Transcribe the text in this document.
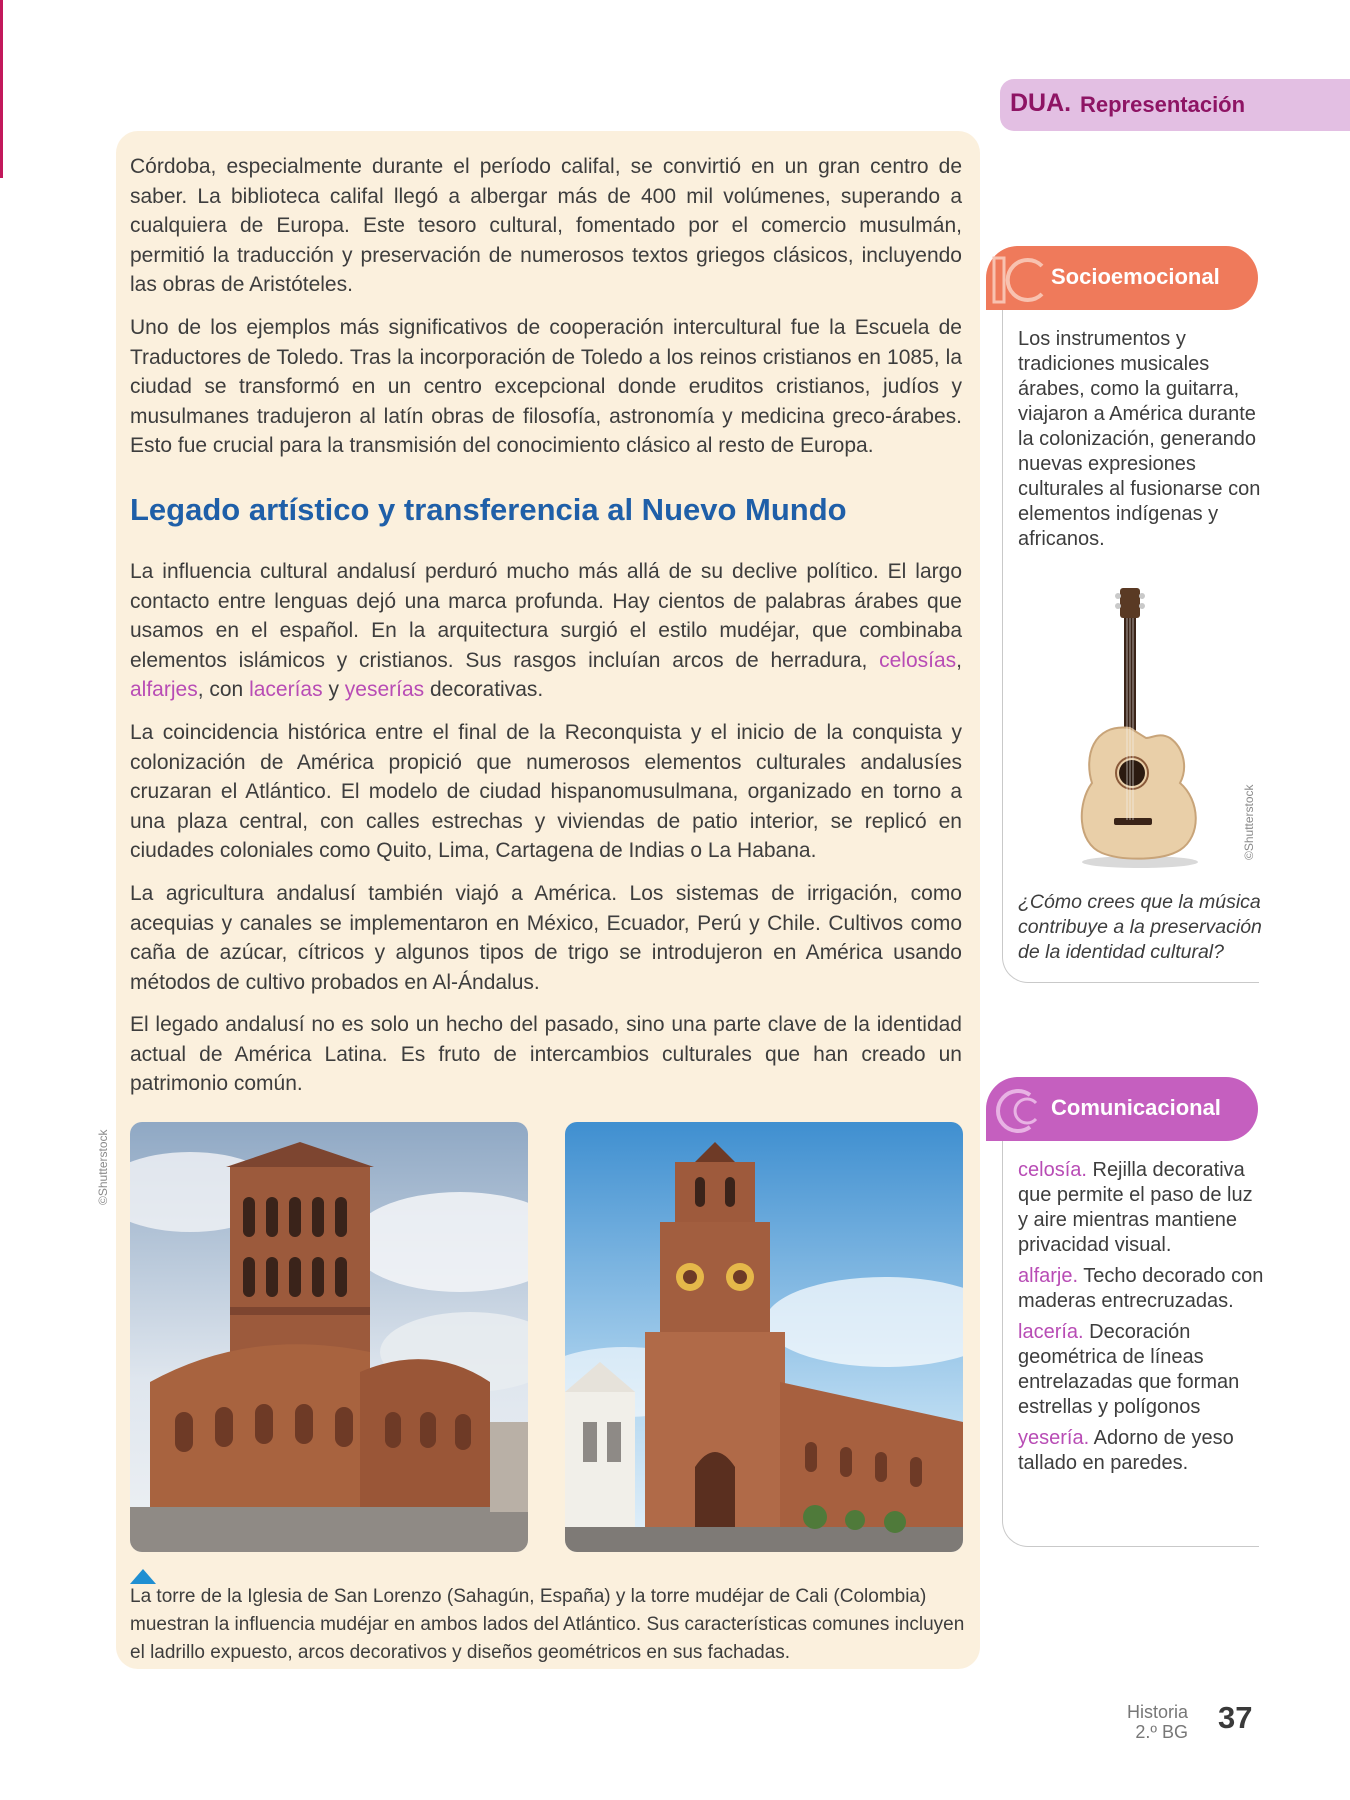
DUA. Representación

Córdoba, especialmente durante el período califal, se convirtió en un gran centro de saber. La biblioteca califal llegó a albergar más de 400 mil volúmenes, superando a cualquiera de Europa. Este tesoro cultural, fomentado por el comercio musulmán, permitió la traducción y preservación de numerosos textos griegos clásicos, incluyendo las obras de Aristóteles.

Uno de los ejemplos más significativos de cooperación intercultural fue la Escuela de Traductores de Toledo. Tras la incorporación de Toledo a los reinos cristianos en 1085, la ciudad se transformó en un centro excepcional donde eruditos cristianos, judíos y musulmanes tradujeron al latín obras de filosofía, astronomía y medicina greco-árabes. Esto fue crucial para la transmisión del conocimiento clásico al resto de Europa.

Legado artístico y transferencia al Nuevo Mundo

La influencia cultural andalusí perduró mucho más allá de su declive político. El largo contacto entre lenguas dejó una marca profunda. Hay cientos de palabras árabes que usamos en el español. En la arquitectura surgió el estilo mudéjar, que combinaba elementos islámicos y cristianos. Sus rasgos incluían arcos de herradura, celosías, alfarjes, con lacerías y yeserías decorativas.

La coincidencia histórica entre el final de la Reconquista y el inicio de la conquista y colonización de América propició que numerosos elementos culturales andalusíes cruzaran el Atlántico. El modelo de ciudad hispanomusulmana, organizado en torno a una plaza central, con calles estrechas y viviendas de patio interior, se replicó en ciudades coloniales como Quito, Lima, Cartagena de Indias o La Habana.

La agricultura andalusí también viajó a América. Los sistemas de irrigación, como acequias y canales se implementaron en México, Ecuador, Perú y Chile. Cultivos como caña de azúcar, cítricos y algunos tipos de trigo se introdujeron en América usando métodos de cultivo probados en Al-Ándalus.

El legado andalusí no es solo un hecho del pasado, sino una parte clave de la identidad actual de América Latina. Es fruto de intercambios culturales que han creado un patrimonio común.

©Shutterstock

La torre de la Iglesia de San Lorenzo (Sahagún, España) y la torre mudéjar de Cali (Colombia) muestran la influencia mudéjar en ambos lados del Atlántico. Sus características comunes incluyen el ladrillo expuesto, arcos decorativos y diseños geométricos en sus fachadas.

Socioemocional

Los instrumentos y tradiciones musicales árabes, como la guitarra, viajaron a América durante la colonización, generando nuevas expresiones culturales al fusionarse con elementos indígenas y africanos.

©Shutterstock

¿Cómo crees que la música contribuye a la preservación de la identidad cultural?

Comunicacional

celosía. Rejilla decorativa que permite el paso de luz y aire mientras mantiene privacidad visual.

alfarje. Techo decorado con maderas entrecruzadas.

lacería. Decoración geométrica de líneas entrelazadas que forman estrellas y polígonos

yesería. Adorno de yeso tallado en paredes.

Historia
2.º BG 37
